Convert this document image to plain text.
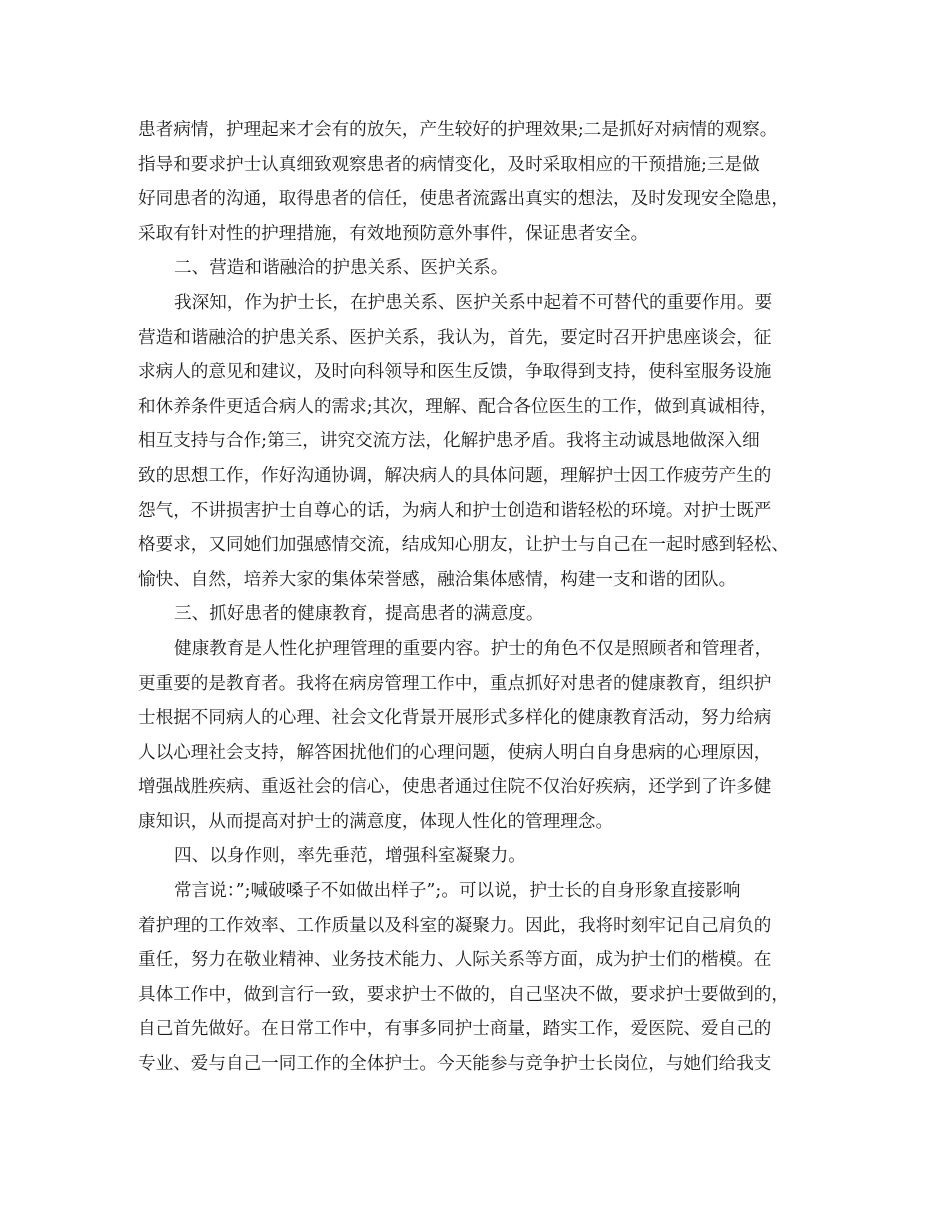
患者病情，护理起来才会有的放矢，产生较好的护理效果;二是抓好对病情的观察。
指导和要求护士认真细致观察患者的病情变化，及时采取相应的干预措施;三是做
好同患者的沟通，取得患者的信任，使患者流露出真实的想法，及时发现安全隐患，
采取有针对性的护理措施，有效地预防意外事件，保证患者安全。
二、营造和谐融洽的护患关系、医护关系。
我深知，作为护士长，在护患关系、医护关系中起着不可替代的重要作用。要
营造和谐融洽的护患关系、医护关系，我认为，首先，要定时召开护患座谈会，征
求病人的意见和建议，及时向科领导和医生反馈，争取得到支持，使科室服务设施
和休养条件更适合病人的需求;其次，理解、配合各位医生的工作，做到真诚相待，
相互支持与合作;第三，讲究交流方法，化解护患矛盾。我将主动诚恳地做深入细
致的思想工作，作好沟通协调，解决病人的具体问题，理解护士因工作疲劳产生的
怨气，不讲损害护士自尊心的话，为病人和护士创造和谐轻松的环境。对护士既严
格要求，又同她们加强感情交流，结成知心朋友，让护士与自己在一起时感到轻松、
愉快、自然，培养大家的集体荣誉感，融洽集体感情，构建一支和谐的团队。
三、抓好患者的健康教育，提高患者的满意度。
健康教育是人性化护理管理的重要内容。护士的角色不仅是照顾者和管理者，
更重要的是教育者。我将在病房管理工作中，重点抓好对患者的健康教育，组织护
士根据不同病人的心理、社会文化背景开展形式多样化的健康教育活动，努力给病
人以心理社会支持，解答困扰他们的心理问题，使病人明白自身患病的心理原因，
增强战胜疾病、重返社会的信心，使患者通过住院不仅治好疾病，还学到了许多健
康知识，从而提高对护士的满意度，体现人性化的管理理念。
四、以身作则，率先垂范，增强科室凝聚力。
常言说：”;喊破嗓子不如做出样子”;。可以说，护士长的自身形象直接影响
着护理的工作效率、工作质量以及科室的凝聚力。因此，我将时刻牢记自己肩负的
重任，努力在敬业精神、业务技术能力、人际关系等方面，成为护士们的楷模。在
具体工作中，做到言行一致，要求护士不做的，自己坚决不做，要求护士要做到的，
自己首先做好。在日常工作中，有事多同护士商量，踏实工作，爱医院、爱自己的
专业、爱与自己一同工作的全体护士。今天能参与竞争护士长岗位，与她们给我支
